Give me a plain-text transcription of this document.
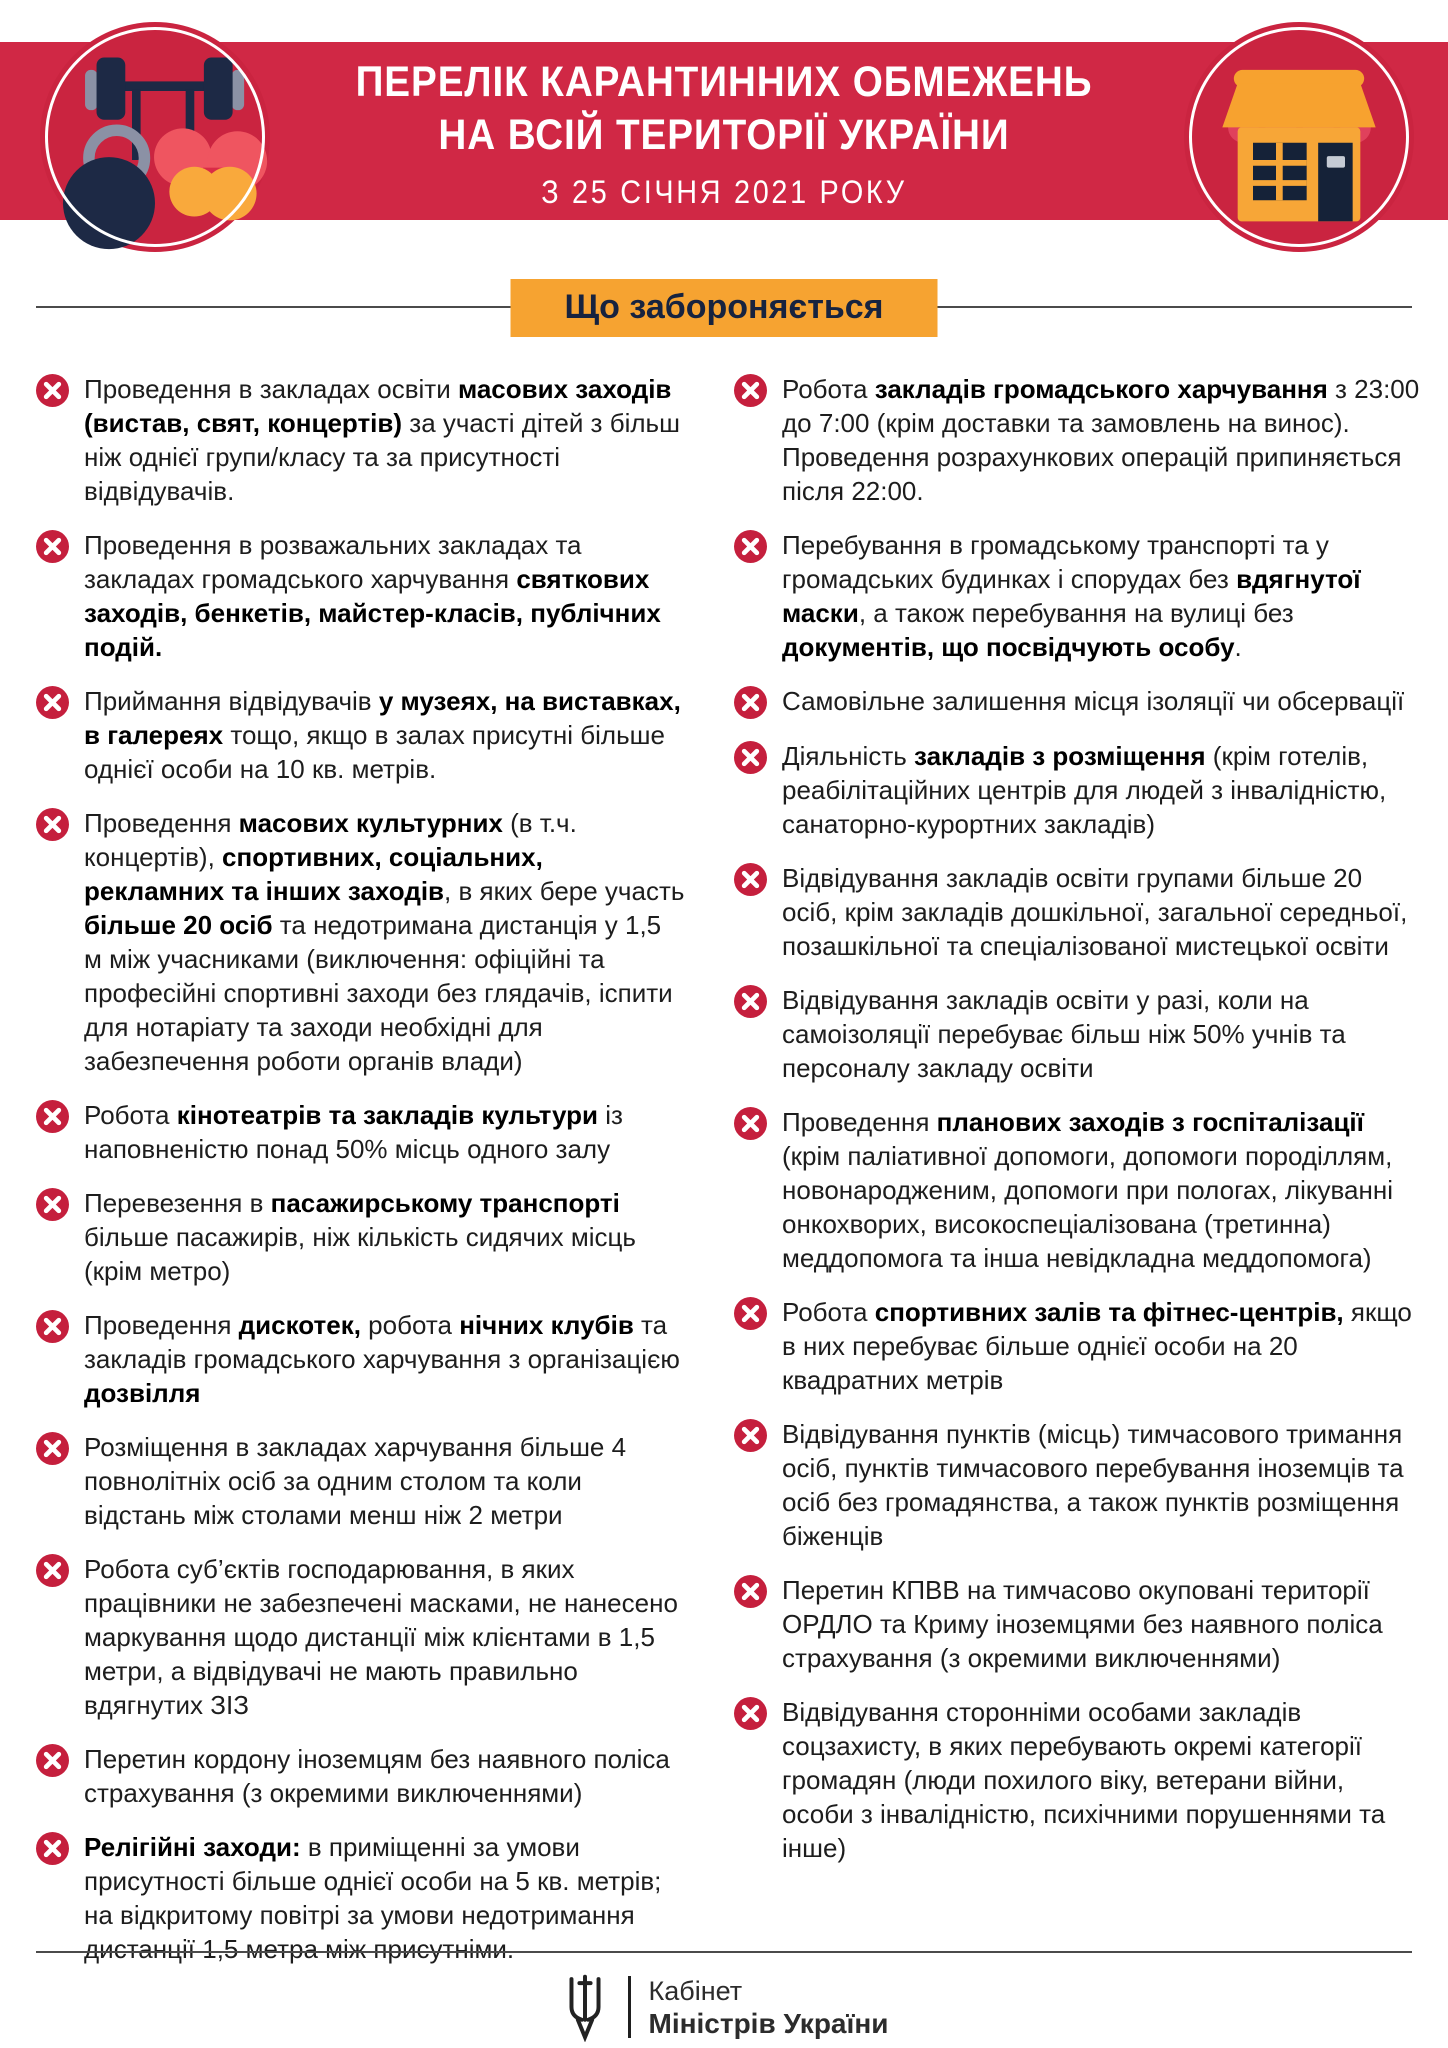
ПЕРЕЛІК КАРАНТИННИХ ОБМЕЖЕНЬ
НА ВСІЙ ТЕРИТОРІЇ УКРАЇНИ
З 25 СІЧНЯ 2021 РОКУ
Що забороняється

Проведення в закладах освіти масових заходів (вистав, свят, концертів) за участі дітей з більш ніж однієї групи/класу та за присутності відвідувачів.

Проведення в розважальних закладах та закладах громадського харчування святкових заходів, бенкетів, майстер-класів, публічних подій.

Приймання відвідувачів у музеях, на виставках, в галереях тощо, якщо в залах присутні більше однієї особи на 10 кв. метрів.

Проведення масових культурних (в т.ч. концертів), спортивних, соціальних, рекламних та інших заходів, в яких бере участь більше 20 осіб та недотримана дистанція у 1,5 м між учасниками (виключення: офіційні та професійні спортивні заходи без глядачів, іспити для нотаріату та заходи необхідні для забезпечення роботи органів влади)

Робота кінотеатрів та закладів культури із наповненістю понад 50% місць одного залу

Перевезення в пасажирському транспорті більше пасажирів, ніж кількість сидячих місць (крім метро)

Проведення дискотек, робота нічних клубів та закладів громадського харчування з організацією дозвілля

Розміщення в закладах харчування більше 4 повнолітніх осіб за одним столом та коли відстань між столами менш ніж 2 метри

Робота суб’єктів господарювання, в яких працівники не забезпечені масками, не нанесено маркування щодо дистанції між клієнтами в 1,5 метри, а відвідувачі не мають правильно вдягнутих ЗІЗ

Перетин кордону іноземцям без наявного поліса страхування (з окремими виключеннями)

Релігійні заходи: в приміщенні за умови присутності більше однієї особи на 5 кв. метрів; на відкритому повітрі за умови недотримання дистанції 1,5 метра між присутніми.

Робота закладів громадського харчування з 23:00 до 7:00 (крім доставки та замовлень на винос). Проведення розрахункових операцій припиняється після 22:00.

Перебування в громадському транспорті та у громадських будинках і спорудах без вдягнутої маски, а також перебування на вулиці без документів, що посвідчують особу.

Самовільне залишення місця ізоляції чи обсервації

Діяльність закладів з розміщення (крім готелів, реабілітаційних центрів для людей з інвалідністю, санаторно-курортних закладів)

Відвідування закладів освіти групами більше 20 осіб, крім закладів дошкільної, загальної середньої, позашкільної та спеціалізованої мистецької освіти

Відвідування закладів освіти у разі, коли на самоізоляції перебуває більш ніж 50% учнів та персоналу закладу освіти

Проведення планових заходів з госпіталізації (крім паліативної допомоги, допомоги породіллям, новонародженим, допомоги при пологах, лікуванні онкохворих, високоспеціалізована (третинна) меддопомога та інша невідкладна меддопомога)

Робота спортивних залів та фітнес-центрів, якщо в них перебуває більше однієї особи на 20 квадратних метрів

Відвідування пунктів (місць) тимчасового тримання осіб, пунктів тимчасового перебування іноземців та осіб без громадянства, а також пунктів розміщення біженців

Перетин КПВВ на тимчасово окуповані території ОРДЛО та Криму іноземцями без наявного поліса страхування (з окремими виключеннями)

Відвідування сторонніми особами закладів соцзахисту, в яких перебувають окремі категорії громадян (люди похилого віку, ветерани війни, особи з інвалідністю, психічними порушеннями та інше)

Кабінет
Міністрів України
